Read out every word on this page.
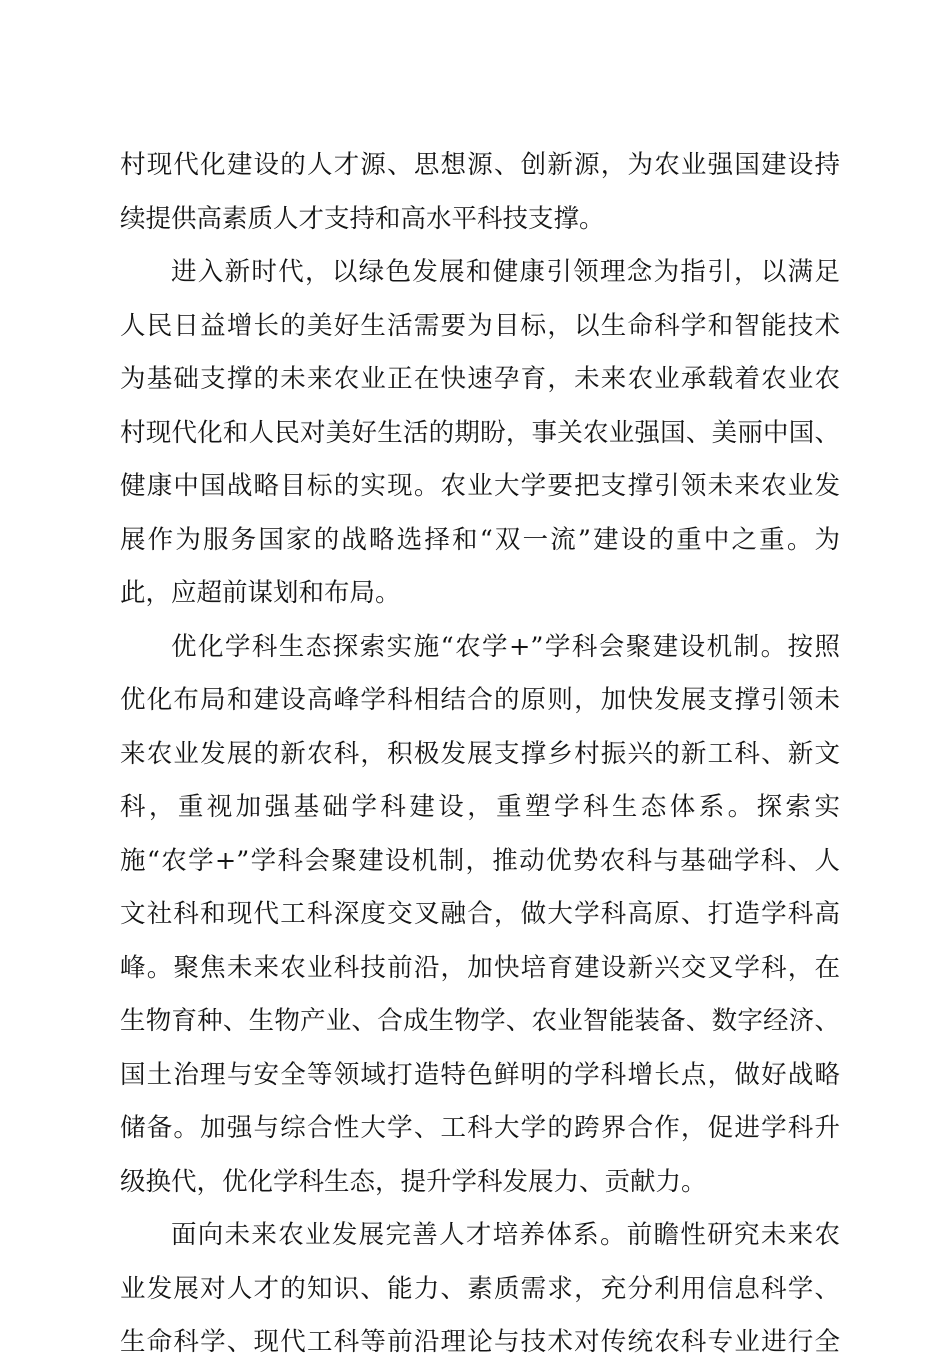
村现代化建设的人才源、思想源、创新源，为农业强国建设持
续提供高素质人才支持和高水平科技支撑。
进入新时代，以绿色发展和健康引领理念为指引，以满足
人民日益增长的美好生活需要为目标，以生命科学和智能技术
为基础支撑的未来农业正在快速孕育，未来农业承载着农业农
村现代化和人民对美好生活的期盼，事关农业强国、美丽中国、
健康中国战略目标的实现。农业大学要把支撑引领未来农业发
展作为服务国家的战略选择和“双一流”建设的重中之重。为
此，应超前谋划和布局。
优化学科生态探索实施“农学+”学科会聚建设机制。按照
优化布局和建设高峰学科相结合的原则，加快发展支撑引领未
来农业发展的新农科，积极发展支撑乡村振兴的新工科、新文
科，重视加强基础学科建设，重塑学科生态体系。探索实
施“农学+”学科会聚建设机制，推动优势农科与基础学科、人
文社科和现代工科深度交叉融合，做大学科高原、打造学科高
峰。聚焦未来农业科技前沿，加快培育建设新兴交叉学科，在
生物育种、生物产业、合成生物学、农业智能装备、数字经济、
国土治理与安全等领域打造特色鲜明的学科增长点，做好战略
储备。加强与综合性大学、工科大学的跨界合作，促进学科升
级换代，优化学科生态，提升学科发展力、贡献力。
面向未来农业发展完善人才培养体系。前瞻性研究未来农
业发展对人才的知识、能力、素质需求，充分利用信息科学、
生命科学、现代工科等前沿理论与技术对传统农科专业进行全
